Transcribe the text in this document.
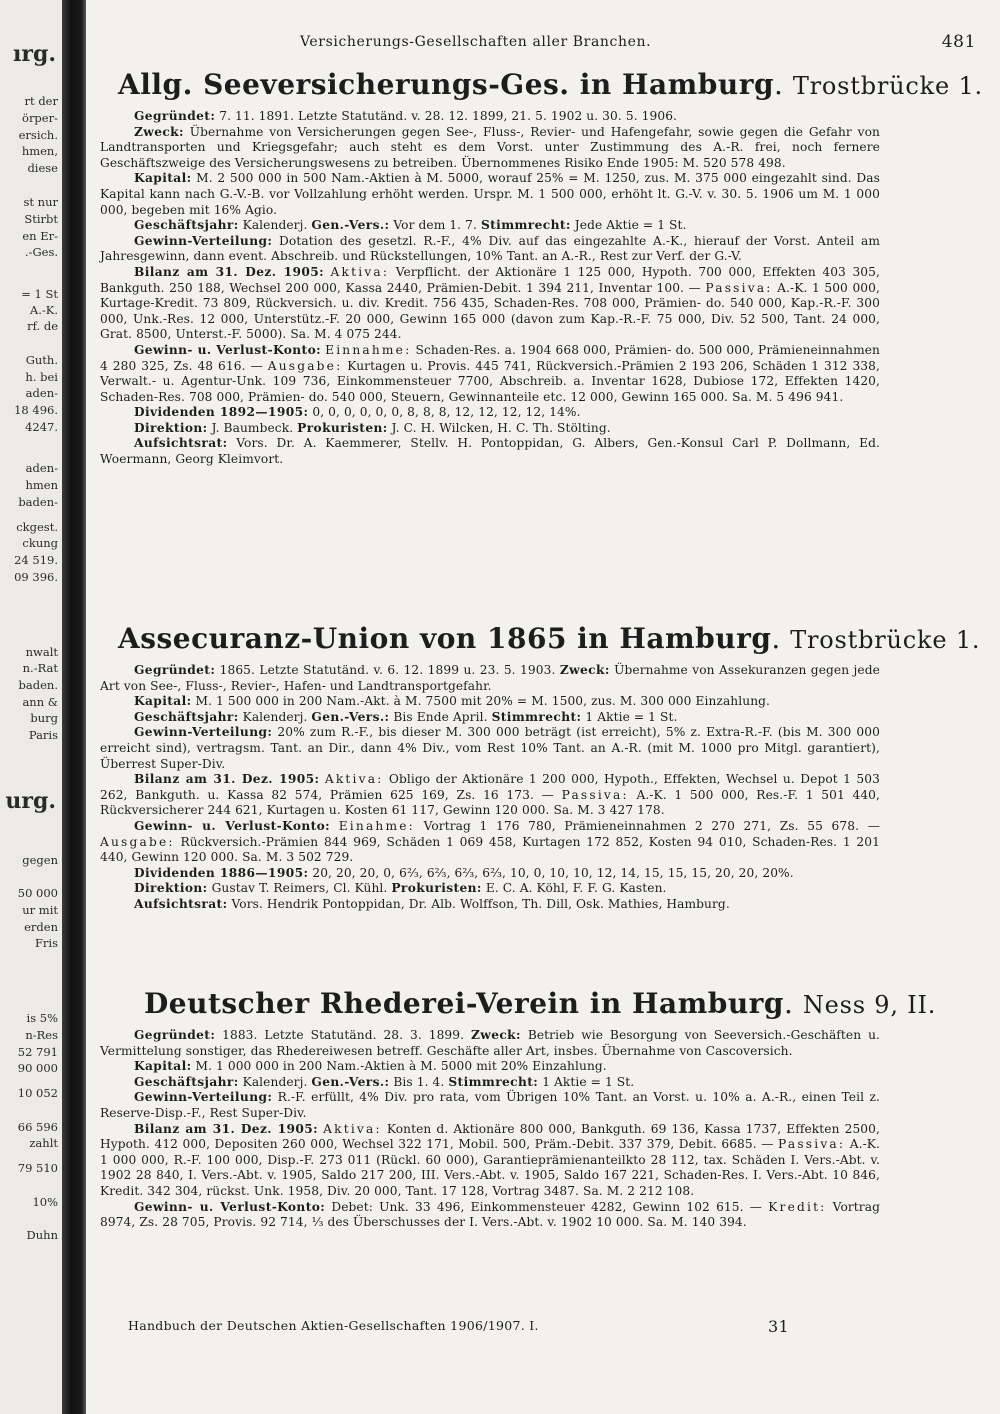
ırg.
rt der
örper-
ersich.
hmen,
diese
st nur
Stirbt
en Er-
.-Ges.
= 1 St
A.-K.
rf. de
Guth.
h. bei
aden-
18 496.
4247.
aden-
hmen
baden-
ckgest.
ckung
24 519.
09 396.
nwalt
n.-Rat
baden.
ann &
burg
Paris
urg.
gegen
50 000
ur mit
erden
Fris
is 5%
n-Res
52 791
90 000
10 052
66 596
zahlt
79 510
10%
Duhn
Versicherungs-Gesellschaften aller Branchen.	481
Allg. Seeversicherungs-Ges. in Hamburg. Trostbrücke 1.

Gegründet: 7. 11. 1891. Letzte Statutänd. v. 28. 12. 1899, 21. 5. 1902 u. 30. 5. 1906.

Zweck: Übernahme von Versicherungen gegen See-, Fluss-, Revier- und Hafengefahr, sowie gegen die Gefahr von Landtransporten und Kriegsgefahr; auch steht es dem Vorst. unter Zustimmung des A.-R. frei, noch fernere Geschäftszweige des Versicherungswesens zu betreiben. Übernommenes Risiko Ende 1905: M. 520 578 498.

Kapital: M. 2 500 000 in 500 Nam.-Aktien à M. 5000, worauf 25% = M. 1250, zus. M. 375 000 eingezahlt sind. Das Kapital kann nach G.-V.-B. vor Vollzahlung erhöht werden. Urspr. M. 1 500 000, erhöht lt. G.-V. v. 30. 5. 1906 um M. 1 000 000, begeben mit 16% Agio.

Geschäftsjahr: Kalenderj. Gen.-Vers.: Vor dem 1. 7. Stimmrecht: Jede Aktie = 1 St.

Gewinn-Verteilung: Dotation des gesetzl. R.-F., 4% Div. auf das eingezahlte A.-K., hierauf der Vorst. Anteil am Jahresgewinn, dann event. Abschreib. und Rückstellungen, 10% Tant. an A.-R., Rest zur Verf. der G.-V.

Bilanz am 31. Dez. 1905: Aktiva: Verpflicht. der Aktionäre 1 125 000, Hypoth. 700 000, Effekten 403 305, Bankguth. 250 188, Wechsel 200 000, Kassa 2440, Prämien-Debit. 1 394 211, Inventar 100. — Passiva: A.-K. 1 500 000, Kurtage-Kredit. 73 809, Rückversich. u. div. Kredit. 756 435, Schaden-Res. 708 000, Prämien- do. 540 000, Kap.-R.-F. 300 000, Unk.-Res. 12 000, Unterstütz.-F. 20 000, Gewinn 165 000 (davon zum Kap.-R.-F. 75 000, Div. 52 500, Tant. 24 000, Grat. 8500, Unterst.-F. 5000). Sa. M. 4 075 244.

Gewinn- u. Verlust-Konto: Einnahme: Schaden-Res. a. 1904 668 000, Prämien- do. 500 000, Prämieneinnahmen 4 280 325, Zs. 48 616. — Ausgabe: Kurtagen u. Provis. 445 741, Rückversich.-Prämien 2 193 206, Schäden 1 312 338, Verwalt.- u. Agentur-Unk. 109 736, Einkommensteuer 7700, Abschreib. a. Inventar 1628, Dubiose 172, Effekten 1420, Schaden-Res. 708 000, Prämien- do. 540 000, Steuern, Gewinnanteile etc. 12 000, Gewinn 165 000. Sa. M. 5 496 941.

Dividenden 1892—1905: 0, 0, 0, 0, 0, 0, 8, 8, 8, 12, 12, 12, 12, 14%.

Direktion: J. Baumbeck. Prokuristen: J. C. H. Wilcken, H. C. Th. Stölting.

Aufsichtsrat: Vors. Dr. A. Kaemmerer, Stellv. H. Pontoppidan, G. Albers, Gen.-Konsul Carl P. Dollmann, Ed. Woermann, Georg Kleimvort.

Assecuranz-Union von 1865 in Hamburg. Trostbrücke 1.

Gegründet: 1865. Letzte Statutänd. v. 6. 12. 1899 u. 23. 5. 1903. Zweck: Übernahme von Assekuranzen gegen jede Art von See-, Fluss-, Revier-, Hafen- und Landtransportgefahr.

Kapital: M. 1 500 000 in 200 Nam.-Akt. à M. 7500 mit 20% = M. 1500, zus. M. 300 000 Einzahlung.

Geschäftsjahr: Kalenderj. Gen.-Vers.: Bis Ende April. Stimmrecht: 1 Aktie = 1 St.

Gewinn-Verteilung: 20% zum R.-F., bis dieser M. 300 000 beträgt (ist erreicht), 5% z. Extra-R.-F. (bis M. 300 000 erreicht sind), vertragsm. Tant. an Dir., dann 4% Div., vom Rest 10% Tant. an A.-R. (mit M. 1000 pro Mitgl. garantiert), Überrest Super-Div.

Bilanz am 31. Dez. 1905: Aktiva: Obligo der Aktionäre 1 200 000, Hypoth., Effekten, Wechsel u. Depot 1 503 262, Bankguth. u. Kassa 82 574, Prämien 625 169, Zs. 16 173. — Passiva: A.-K. 1 500 000, Res.-F. 1 501 440, Rückversicherer 244 621, Kurtagen u. Kosten 61 117, Gewinn 120 000. Sa. M. 3 427 178.

Gewinn- u. Verlust-Konto: Einahme: Vortrag 1 176 780, Prämieneinnahmen 2 270 271, Zs. 55 678. — Ausgabe: Rückversich.-Prämien 844 969, Schäden 1 069 458, Kurtagen 172 852, Kosten 94 010, Schaden-Res. 1 201 440, Gewinn 120 000. Sa. M. 3 502 729.

Dividenden 1886—1905: 20, 20, 20, 0, 6⅔, 6⅔, 6⅔, 6⅔, 10, 0, 10, 10, 12, 14, 15, 15, 15, 20, 20, 20%.

Direktion: Gustav T. Reimers, Cl. Kühl. Prokuristen: E. C. A. Köhl, F. F. G. Kasten.

Aufsichtsrat: Vors. Hendrik Pontoppidan, Dr. Alb. Wolffson, Th. Dill, Osk. Mathies, Hamburg.

Deutscher Rhederei-Verein in Hamburg. Ness 9, II.

Gegründet: 1883. Letzte Statutänd. 28. 3. 1899. Zweck: Betrieb wie Besorgung von Seeversich.-Geschäften u. Vermittelung sonstiger, das Rhedereiwesen betreff. Geschäfte aller Art, insbes. Übernahme von Cascoversich.

Kapital: M. 1 000 000 in 200 Nam.-Aktien à M. 5000 mit 20% Einzahlung.

Geschäftsjahr: Kalenderj. Gen.-Vers.: Bis 1. 4. Stimmrecht: 1 Aktie = 1 St.

Gewinn-Verteilung: R.-F. erfüllt, 4% Div. pro rata, vom Übrigen 10% Tant. an Vorst. u. 10% a. A.-R., einen Teil z. Reserve-Disp.-F., Rest Super-Div.

Bilanz am 31. Dez. 1905: Aktiva: Konten d. Aktionäre 800 000, Bankguth. 69 136, Kassa 1737, Effekten 2500, Hypoth. 412 000, Depositen 260 000, Wechsel 322 171, Mobil. 500, Präm.-Debit. 337 379, Debit. 6685. — Passiva: A.-K. 1 000 000, R.-F. 100 000, Disp.-F. 273 011 (Rückl. 60 000), Garantieprämienanteilkto 28 112, tax. Schäden I. Vers.-Abt. v. 1902 28 840, I. Vers.-Abt. v. 1905, Saldo 217 200, III. Vers.-Abt. v. 1905, Saldo 167 221, Schaden-Res. I. Vers.-Abt. 10 846, Kredit. 342 304, rückst. Unk. 1958, Div. 20 000, Tant. 17 128, Vortrag 3487. Sa. M. 2 212 108.

Gewinn- u. Verlust-Konto: Debet: Unk. 33 496, Einkommensteuer 4282, Gewinn 102 615. — Kredit: Vortrag 8974, Zs. 28 705, Provis. 92 714, ⅓ des Überschusses der I. Vers.-Abt. v. 1902 10 000. Sa. M. 140 394.

Handbuch der Deutschen Aktien-Gesellschaften 1906/1907. I.	31
